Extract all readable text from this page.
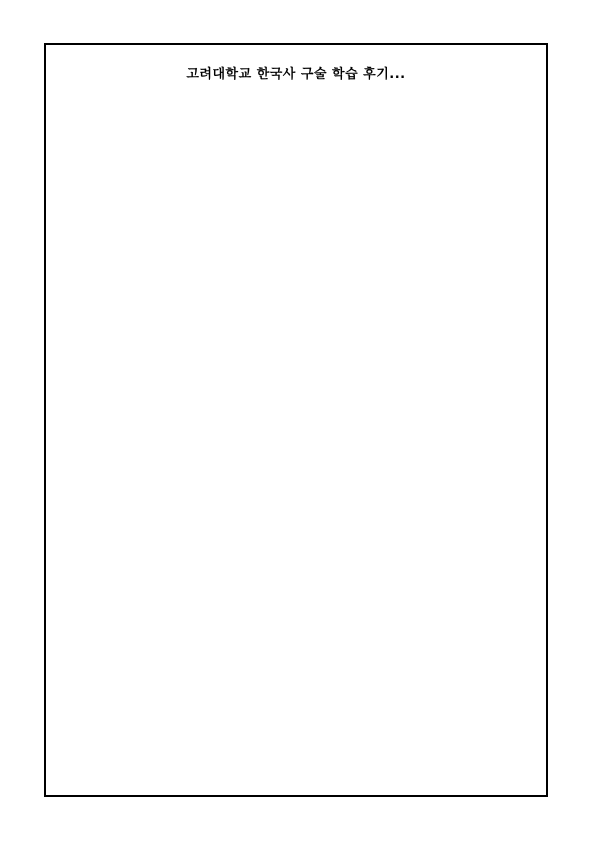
고려대학교 한국사 구술 학습 후기...
